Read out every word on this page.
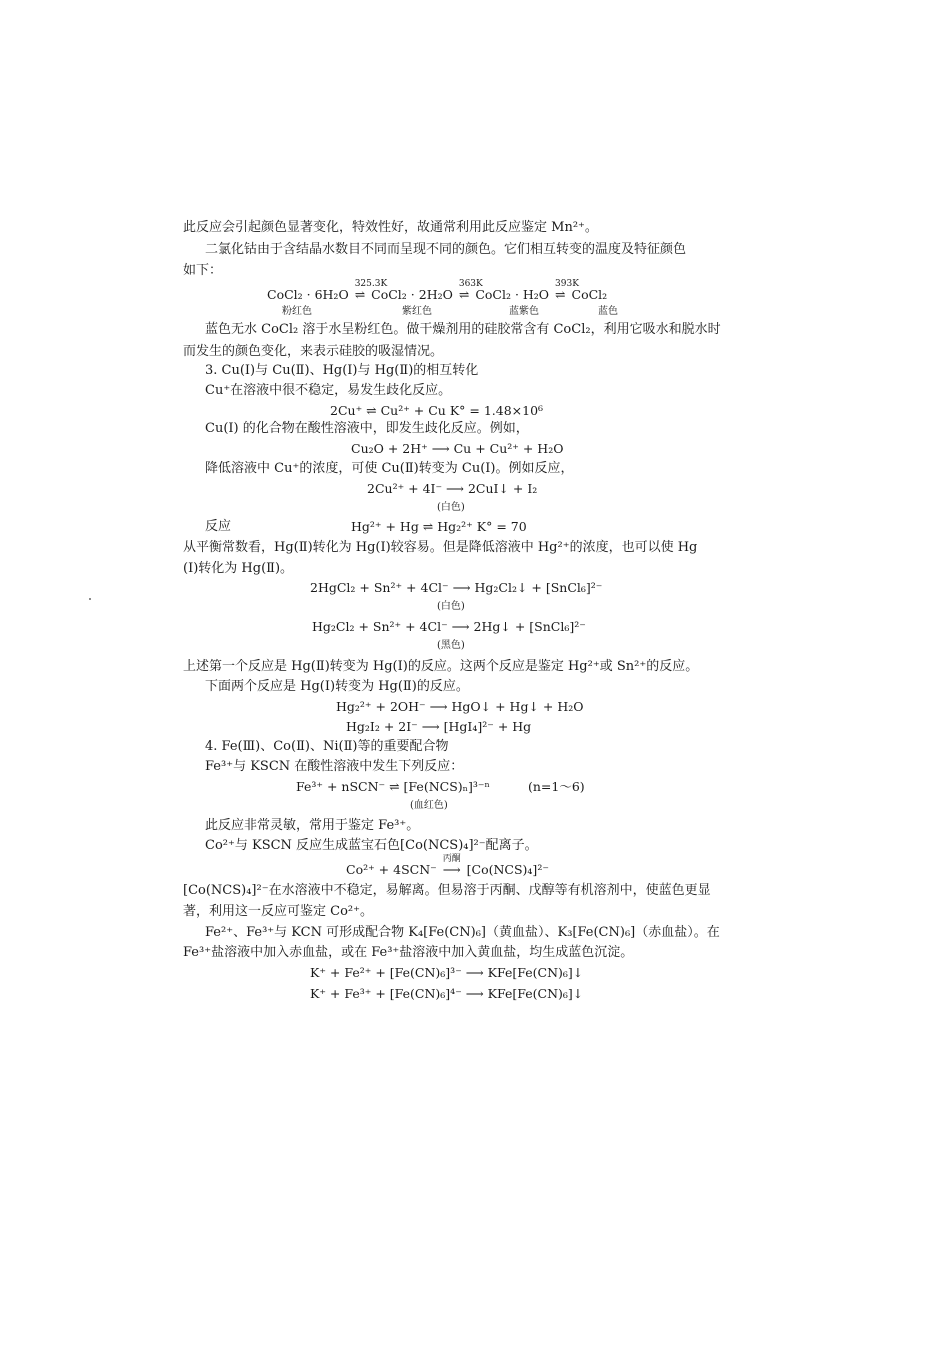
此反应会引起颜色显著变化，特效性好，故通常利用此反应鉴定 Mn²⁺。
二氯化钴由于含结晶水数目不同而呈现不同的颜色。它们相互转变的温度及特征颜色
如下：
CoCl₂ · 6H₂O
325.3K
⇌ CoCl₂ · 2H₂O
363K
⇌ CoCl₂ · H₂O
393K
⇌ CoCl₂
粉红色	紫红色	蓝紫色	蓝色
蓝色无水 CoCl₂ 溶于水呈粉红色。做干燥剂用的硅胶常含有 CoCl₂，利用它吸水和脱水时
而发生的颜色变化，来表示硅胶的吸湿情况。
3. Cu(Ⅰ)与 Cu(Ⅱ)、Hg(Ⅰ)与 Hg(Ⅱ)的相互转化
Cu⁺在溶液中很不稳定，易发生歧化反应。
2Cu⁺ ⇌ Cu²⁺ + Cu K° = 1.48×10⁶
Cu(Ⅰ) 的化合物在酸性溶液中，即发生歧化反应。例如，
Cu₂O + 2H⁺ ⟶ Cu + Cu²⁺ + H₂O
降低溶液中 Cu⁺的浓度，可使 Cu(Ⅱ)转变为 Cu(Ⅰ)。例如反应，
2Cu²⁺ + 4I⁻ ⟶ 2CuI↓ + I₂
(白色)
反应	Hg²⁺ + Hg ⇌ Hg₂²⁺ K° = 70
从平衡常数看，Hg(Ⅱ)转化为 Hg(Ⅰ)较容易。但是降低溶液中 Hg²⁺的浓度，也可以使 Hg
(Ⅰ)转化为 Hg(Ⅱ)。
2HgCl₂ + Sn²⁺ + 4Cl⁻ ⟶ Hg₂Cl₂↓ + [SnCl₆]²⁻
(白色)
Hg₂Cl₂ + Sn²⁺ + 4Cl⁻ ⟶ 2Hg↓ + [SnCl₆]²⁻
(黑色)
上述第一个反应是 Hg(Ⅱ)转变为 Hg(Ⅰ)的反应。这两个反应是鉴定 Hg²⁺或 Sn²⁺的反应。
下面两个反应是 Hg(Ⅰ)转变为 Hg(Ⅱ)的反应。
Hg₂²⁺ + 2OH⁻ ⟶ HgO↓ + Hg↓ + H₂O
Hg₂I₂ + 2I⁻ ⟶ [HgI₄]²⁻ + Hg
4. Fe(Ⅲ)、Co(Ⅱ)、Ni(Ⅱ)等的重要配合物
Fe³⁺与 KSCN 在酸性溶液中发生下列反应：
Fe³⁺ + nSCN⁻ ⇌ [Fe(NCS)ₙ]³⁻ⁿ	(n=1～6)
(血红色)
此反应非常灵敏，常用于鉴定 Fe³⁺。
Co²⁺与 KSCN 反应生成蓝宝石色[Co(NCS)₄]²⁻配离子。
Co²⁺ + 4SCN⁻
丙酮
⟶ [Co(NCS)₄]²⁻
[Co(NCS)₄]²⁻在水溶液中不稳定，易解离。但易溶于丙酮、戊醇等有机溶剂中，使蓝色更显
著，利用这一反应可鉴定 Co²⁺。
Fe²⁺、Fe³⁺与 KCN 可形成配合物 K₄[Fe(CN)₆]（黄血盐）、K₃[Fe(CN)₆]（赤血盐）。在
Fe³⁺盐溶液中加入赤血盐，或在 Fe³⁺盐溶液中加入黄血盐，均生成蓝色沉淀。
K⁺ + Fe²⁺ + [Fe(CN)₆]³⁻ ⟶ KFe[Fe(CN)₆]↓
K⁺ + Fe³⁺ + [Fe(CN)₆]⁴⁻ ⟶ KFe[Fe(CN)₆]↓
